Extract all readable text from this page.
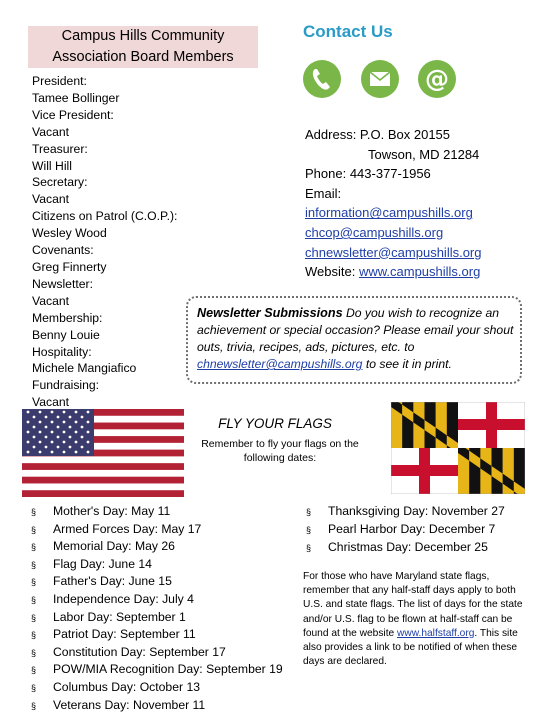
Campus Hills Community
Association Board Members
President:
Tamee Bollinger
Vice President:
Vacant
Treasurer:
Will Hill
Secretary:
Vacant
Citizens on Patrol (C.O.P.):
Wesley Wood
Covenants:
Greg Finnerty
Newsletter:
Vacant
Membership:
Benny Louie
Hospitality:
Michele Mangiafico
Fundraising:
Vacant
Contact Us
@
Address: P.O. Box 20155
Towson, MD 21284
Phone: 443-377-1956
Email:
information@campushills.org
chcop@campushills.org
chnewsletter@campushills.org
Website: www.campushills.org
Newsletter Submissions Do you wish to recognize an achievement or special occasion? Please email your shout outs, trivia, recipes, ads, pictures, etc. to chnewsletter@campushills.org to see it in print.
FLY YOUR FLAGS
Remember to fly your flags on the following dates:
§ Mother's Day: May 11
§ Armed Forces Day: May 17
§ Memorial Day: May 26
§ Flag Day: June 14
§ Father's Day: June 15
§ Independence Day: July 4
§ Labor Day: September 1
§ Patriot Day: September 11
§ Constitution Day: September 17
§ POW/MIA Recognition Day: September 19
§ Columbus Day: October 13
§ Veterans Day: November 11
§ Thanksgiving Day: November 27
§ Pearl Harbor Day: December 7
§ Christmas Day: December 25
For those who have Maryland state flags, remember that any half-staff days apply to both U.S. and state flags. The list of days for the state and/or U.S. flag to be flown at half-staff can be found at the website www.halfstaff.org. This site also provides a link to be notified of when these days are declared.
